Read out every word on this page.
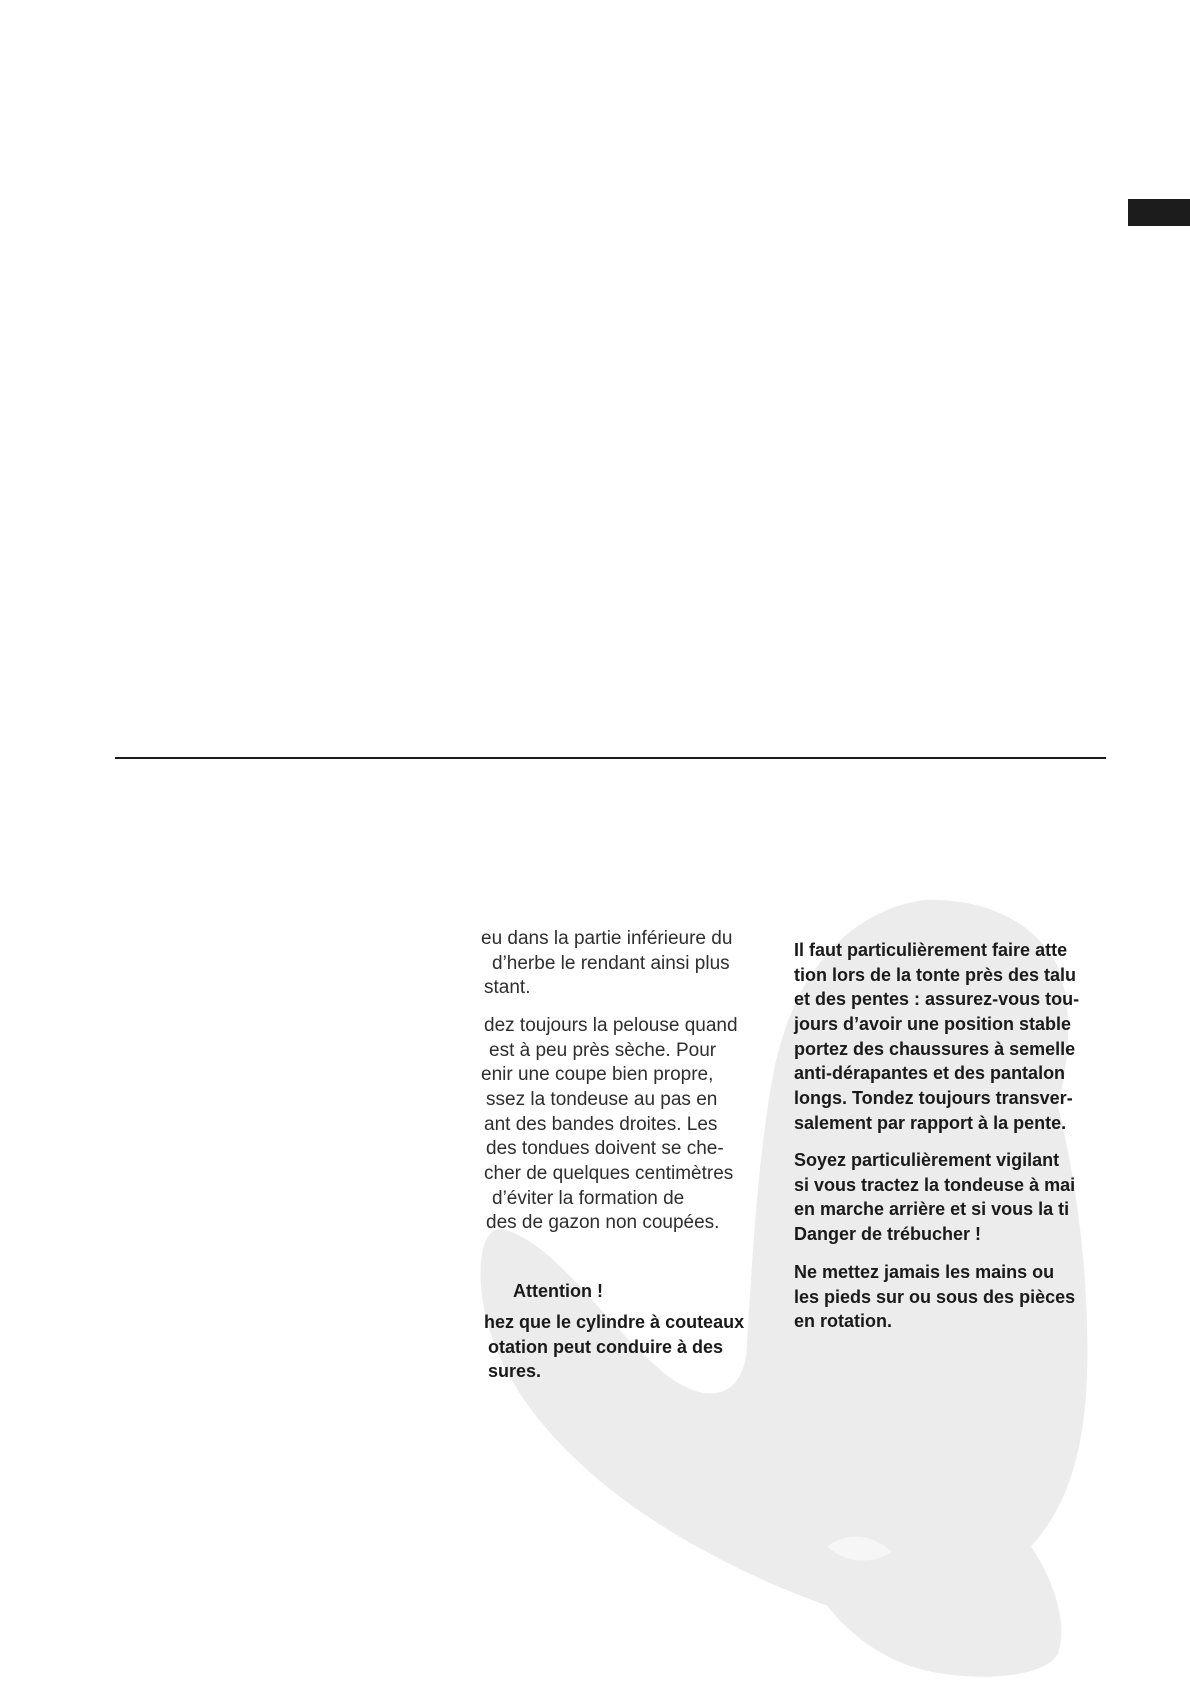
eu dans la partie inférieure du
d’herbe le rendant ainsi plus
stant.
dez toujours la pelouse quand
est à peu près sèche. Pour
enir une coupe bien propre,
ssez la tondeuse au pas en
ant des bandes droites. Les
des tondues doivent se che-
cher de quelques centimètres
d’éviter la formation de
des de gazon non coupées.
Attention !
hez que le cylindre à couteaux
otation peut conduire à des
sures.
Il faut particulièrement faire atte
tion lors de la tonte près des talu
et des pentes : assurez-vous tou-
jours d’avoir une position stable
portez des chaussures à semelle
anti-dérapantes et des pantalon
longs. Tondez toujours transver-
salement par rapport à la pente.
Soyez particulièrement vigilant
si vous tractez la tondeuse à mai
en marche arrière et si vous la ti
Danger de trébucher !
Ne mettez jamais les mains ou
les pieds sur ou sous des pièces
en rotation.
